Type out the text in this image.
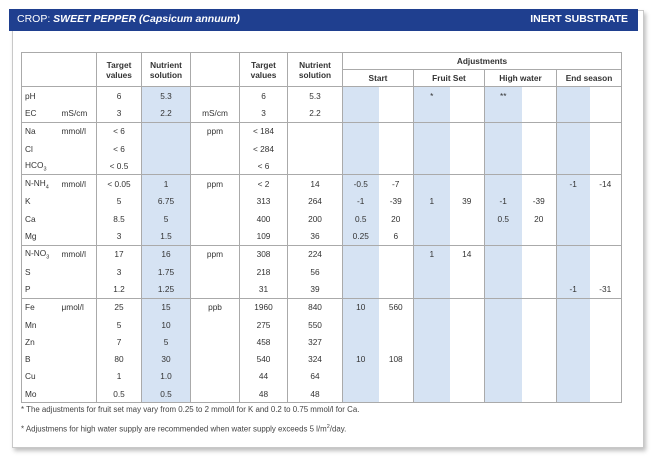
CROP: SWEET PEPPER (Capsicum annuum)	INERT SUBSTRATE
		Target values	Nutrient solution		Target values	Nutrient solution	Adjustments							
							Start		Fruit Set		High water		End season	
pH		6	5.3		6	5.3			*		**			
EC	mS/cm	3	2.2	mS/cm	3	2.2								
Na	mmol/l	< 6		ppm	< 184									
Cl		< 6			< 284									
$HCO_3$		< 0.5			< 6									
$N-NH_4$	mmol/l	< 0.05	1	ppm	< 2	14	-0.5	-7					-1	-14
K		5	6.75		313	264	-1	-39	1	39	-1	-39		
Ca		8.5	5		400	200	0.5	20			0.5	20		
Mg		3	1.5		109	36	0.25	6						
$N-NO_3$	mmol/l	17	16	ppm	308	224			1	14				
S		3	1.75		218	56								
P		1.2	1.25		31	39							-1	-31
Fe	μmol/l	25	15	ppb	1960	840	10	560						
Mn		5	10		275	550								
Zn		7	5		458	327								
B		80	30		540	324	10	108						
Cu		1	1.0		44	64								
Mo		0.5	0.5		48	48								
* The adjustments for fruit set may vary from 0.25 to 2 mmol/l for K and 0.2 to 0.75 mmol/l for Ca.
* Adjustmens for high water supply are recommended when water supply exceeds 5 $l/m^2$/day.
